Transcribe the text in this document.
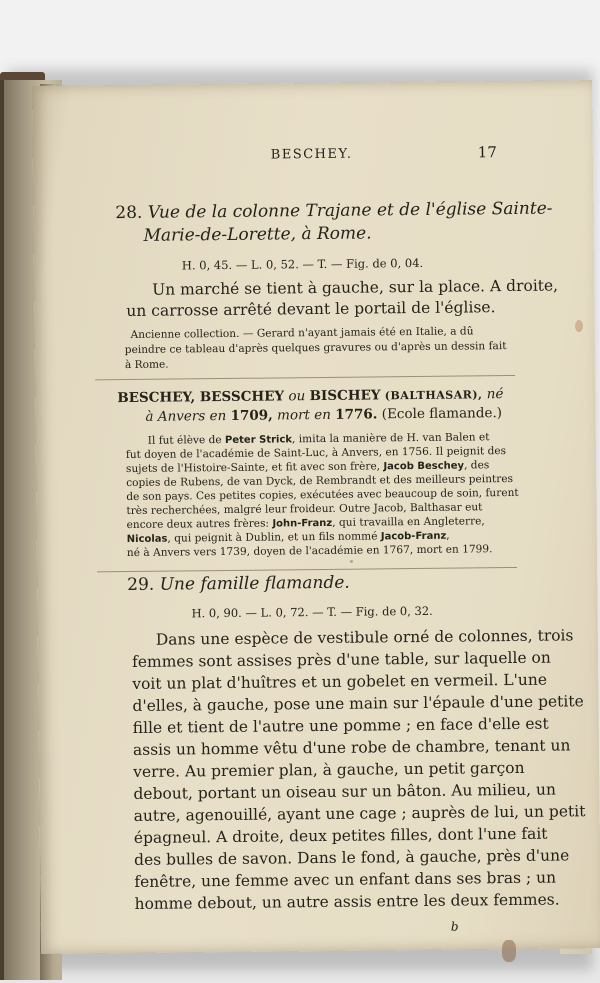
BESCHEY.	17
28. Vue de la colonne Trajane et de l'église Sainte-
Marie-de-Lorette, à Rome.
H. 0, 45. — L. 0, 52. — T. — Fig. de 0, 04.
Un marché se tient à gauche, sur la place. A droite,
un carrosse arrêté devant le portail de l'église.
Ancienne collection. — Gerard n'ayant jamais été en Italie, a dû
peindre ce tableau d'après quelques gravures ou d'après un dessin fait
à Rome.
BESCHEY, BESSCHEY ou BISCHEY (BALTHASAR), né
à Anvers en 1709, mort en 1776. (Ecole flamande.)
Il fut élève de Peter Strick, imita la manière de H. van Balen et
fut doyen de l'académie de Saint-Luc, à Anvers, en 1756. Il peignit des
sujets de l'Histoire-Sainte, et fit avec son frère, Jacob Beschey, des
copies de Rubens, de van Dyck, de Rembrandt et des meilleurs peintres
de son pays. Ces petites copies, exécutées avec beaucoup de soin, furent
très recherchées, malgré leur froideur. Outre Jacob, Balthasar eut
encore deux autres frères: John-Franz, qui travailla en Angleterre,
Nicolas, qui peignit à Dublin, et un fils nommé Jacob-Franz,
né à Anvers vers 1739, doyen de l'académie en 1767, mort en 1799.
29. Une famille flamande.
H. 0, 90. — L. 0, 72. — T. — Fig. de 0, 32.
Dans une espèce de vestibule orné de colonnes, trois
femmes sont assises près d'une table, sur laquelle on
voit un plat d'huîtres et un gobelet en vermeil. L'une
d'elles, à gauche, pose une main sur l'épaule d'une petite
fille et tient de l'autre une pomme ; en face d'elle est
assis un homme vêtu d'une robe de chambre, tenant un
verre. Au premier plan, à gauche, un petit garçon
debout, portant un oiseau sur un bâton. Au milieu, un
autre, agenouillé, ayant une cage ; auprès de lui, un petit
épagneul. A droite, deux petites filles, dont l'une fait
des bulles de savon. Dans le fond, à gauche, près d'une
fenêtre, une femme avec un enfant dans ses bras ; un
homme debout, un autre assis entre les deux femmes.
b
